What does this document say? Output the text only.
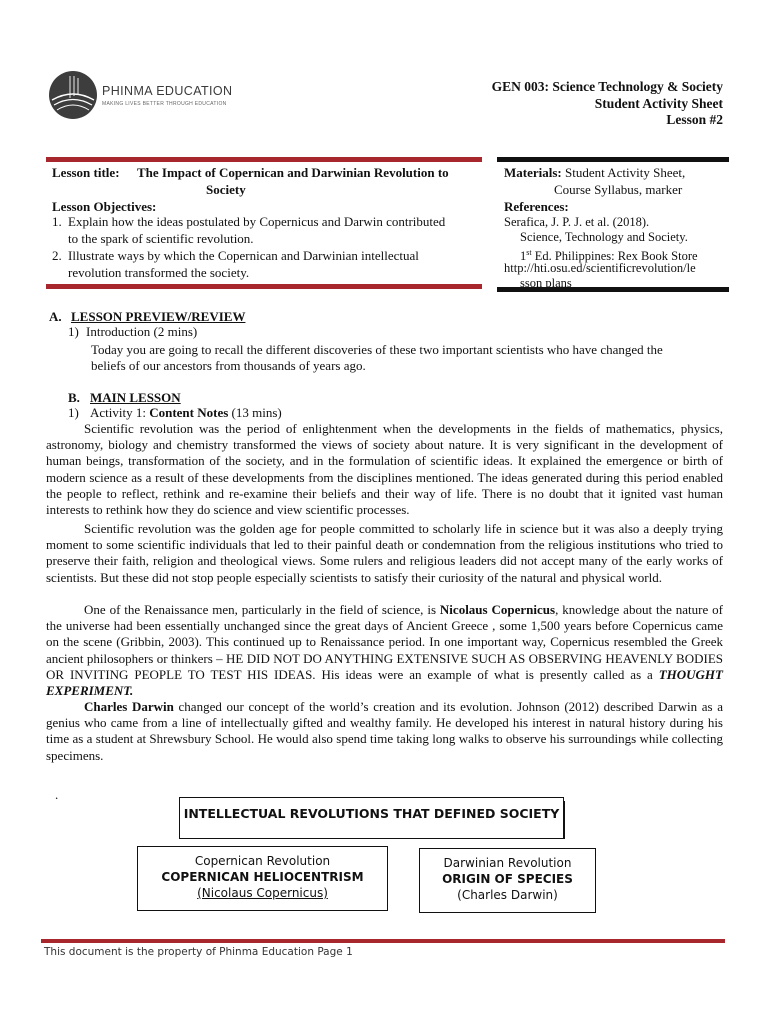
PHINMA EDUCATION
MAKING LIVES BETTER THROUGH EDUCATION
GEN 003: Science Technology & Society
Student Activity Sheet
Lesson #2
Lesson title: The Impact of Copernican and Darwinian Revolution to
Society
Lesson Objectives:
1. Explain how the ideas postulated by Copernicus and Darwin contributed
to the spark of scientific revolution.
2. Illustrate ways by which the Copernican and Darwinian intellectual
revolution transformed the society.
Materials: Student Activity Sheet,
Course Syllabus, marker
References:
Serafica, J. P. J. et al. (2018).
Science, Technology and Society.
1st Ed. Philippines: Rex Book Store
http://hti.osu.ed/scientificrevolution/le
sson plans
A. LESSON PREVIEW/REVIEW
1) Introduction (2 mins)
Today you are going to recall the different discoveries of these two important scientists who have changed the
beliefs of our ancestors from thousands of years ago.
B. MAIN LESSON
1) Activity 1: Content Notes (13 mins)
Scientific revolution was the period of enlightenment when the developments in the fields of mathematics, physics, astronomy, biology and chemistry transformed the views of society about nature. It is very significant in the development of human beings, transformation of the society, and in the formulation of scientific ideas. It explained the emergence or birth of modern science as a result of these developments from the disciplines mentioned. The ideas generated during this period enabled the people to reflect, rethink and re-examine their beliefs and their way of life. There is no doubt that it ignited vast human interests to rethink how they do science and view scientific processes.
Scientific revolution was the golden age for people committed to scholarly life in science but it was also a deeply trying moment to some scientific individuals that led to their painful death or condemnation from the religious institutions who tried to preserve their faith, religion and theological views. Some rulers and religious leaders did not accept many of the early works of scientists. But these did not stop people especially scientists to satisfy their curiosity of the natural and physical world.
One of the Renaissance men, particularly in the field of science, is Nicolaus Copernicus, knowledge about the nature of the universe had been essentially unchanged since the great days of Ancient Greece , some 1,500 years before Copernicus came on the scene (Gribbin, 2003). This continued up to Renaissance period. In one important way, Copernicus resembled the Greek ancient philosophers or thinkers – HE DID NOT DO ANYTHING EXTENSIVE SUCH AS OBSERVING HEAVENLY BODIES OR INVITING PEOPLE TO TEST HIS IDEAS. His ideas were an example of what is presently called as a THOUGHT EXPERIMENT.
Charles Darwin changed our concept of the world’s creation and its evolution. Johnson (2012) described Darwin as a genius who came from a line of intellectually gifted and wealthy family. He developed his interest in natural history during his time as a student at Shrewsbury School. He would also spend time taking long walks to observe his surroundings while collecting specimens.
.
INTELLECTUAL REVOLUTIONS THAT DEFINED SOCIETY
Copernican Revolution
COPERNICAN HELIOCENTRISM
(Nicolaus Copernicus)
Darwinian Revolution
ORIGIN OF SPECIES
(Charles Darwin)
This document is the property of Phinma Education Page 1
